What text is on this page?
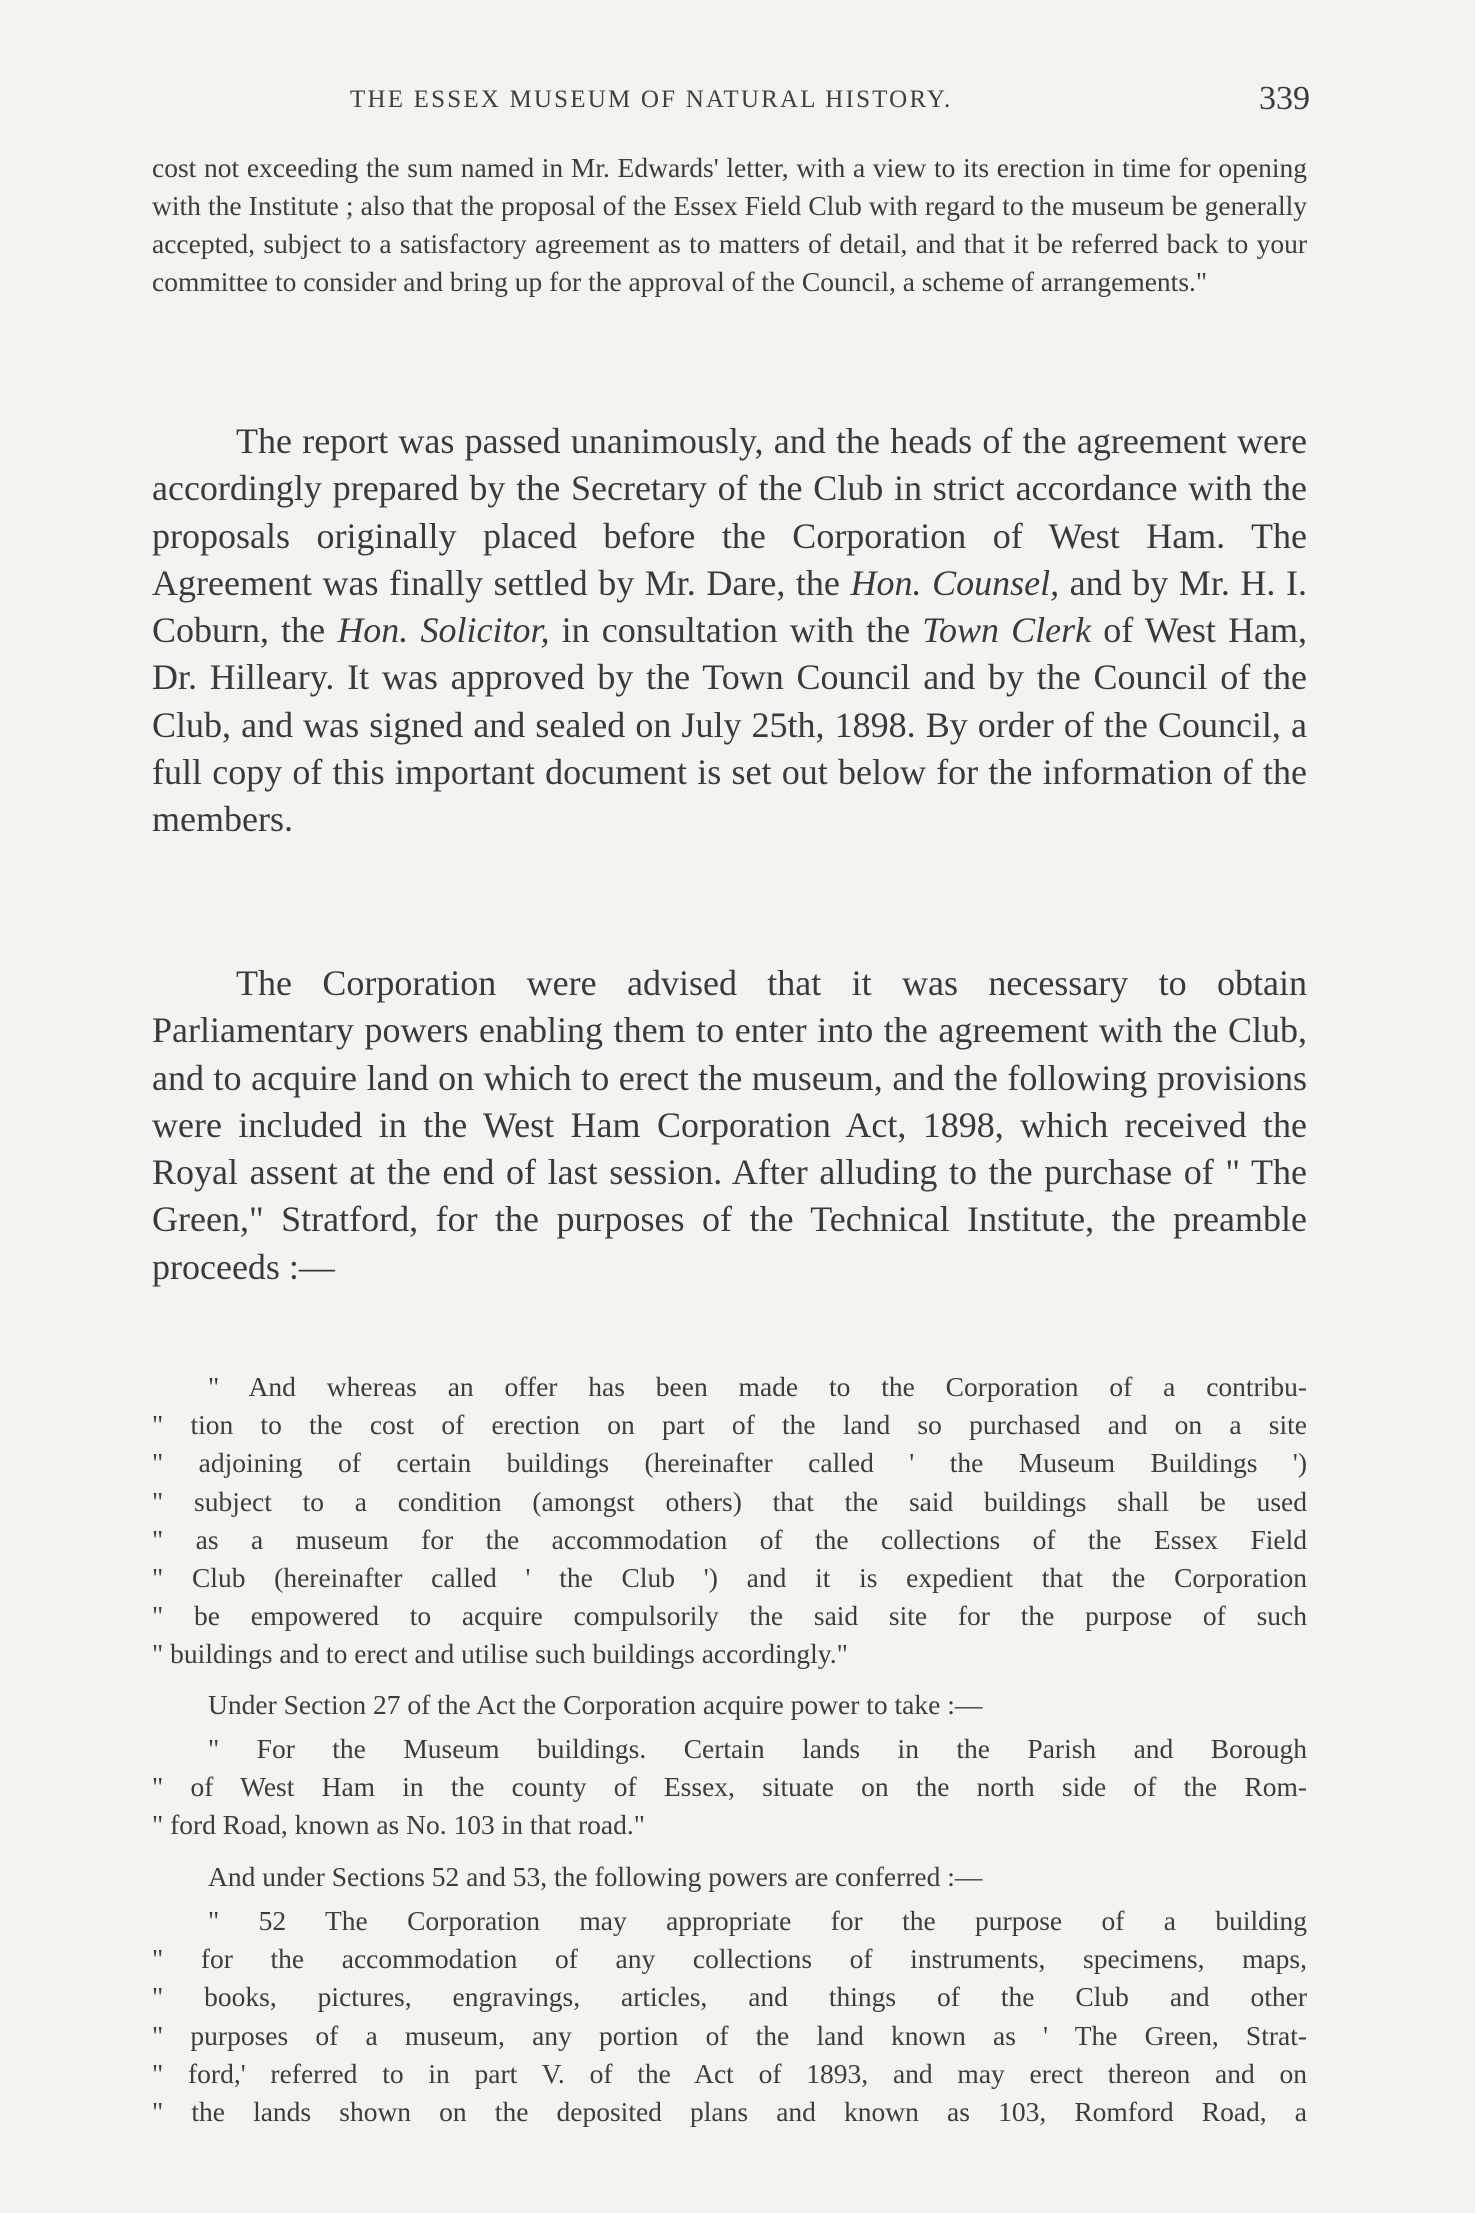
THE ESSEX MUSEUM OF NATURAL HISTORY.	339

cost not exceeding the sum named in Mr. Edwards' letter, with a view to its erection in time for opening with the Institute ; also that the proposal of the Essex Field Club with regard to the museum be generally accepted, subject to a satisfactory agreement as to matters of detail, and that it be referred back to your committee to consider and bring up for the approval of the Council, a scheme of arrangements."

The report was passed unanimously, and the heads of the agreement were accordingly prepared by the Secretary of the Club in strict accordance with the proposals originally placed before the Corporation of West Ham. The Agreement was finally settled by Mr. Dare, the Hon. Counsel, and by Mr. H. I. Coburn, the Hon. Solicitor, in consultation with the Town Clerk of West Ham, Dr. Hilleary. It was approved by the Town Council and by the Council of the Club, and was signed and sealed on July 25th, 1898. By order of the Council, a full copy of this important document is set out below for the information of the members.

The Corporation were advised that it was necessary to obtain Parliamentary powers enabling them to enter into the agreement with the Club, and to acquire land on which to erect the museum, and the following provisions were included in the West Ham Corporation Act, 1898, which received the Royal assent at the end of last session. After alluding to the purchase of " The Green," Stratford, for the purposes of the Technical Institute, the preamble proceeds :—

" And whereas an offer has been made to the Corporation of a contribu-
" tion to the cost of erection on part of the land so purchased and on a site
" adjoining of certain buildings (hereinafter called ' the Museum Buildings ')
" subject to a condition (amongst others) that the said buildings shall be used
" as a museum for the accommodation of the collections of the Essex Field
" Club (hereinafter called ' the Club ') and it is expedient that the Corporation
" be empowered to acquire compulsorily the said site for the purpose of such
" buildings and to erect and utilise such buildings accordingly."

Under Section 27 of the Act the Corporation acquire power to take :—

" For the Museum buildings. Certain lands in the Parish and Borough
" of West Ham in the county of Essex, situate on the north side of the Rom-
" ford Road, known as No. 103 in that road."

And under Sections 52 and 53, the following powers are conferred :—

" 52 The Corporation may appropriate for the purpose of a building
" for the accommodation of any collections of instruments, specimens, maps,
" books, pictures, engravings, articles, and things of the Club and other
" purposes of a museum, any portion of the land known as ' The Green, Strat-
" ford,' referred to in part V. of the Act of 1893, and may erect thereon and on
" the lands shown on the deposited plans and known as 103, Romford Road, a
